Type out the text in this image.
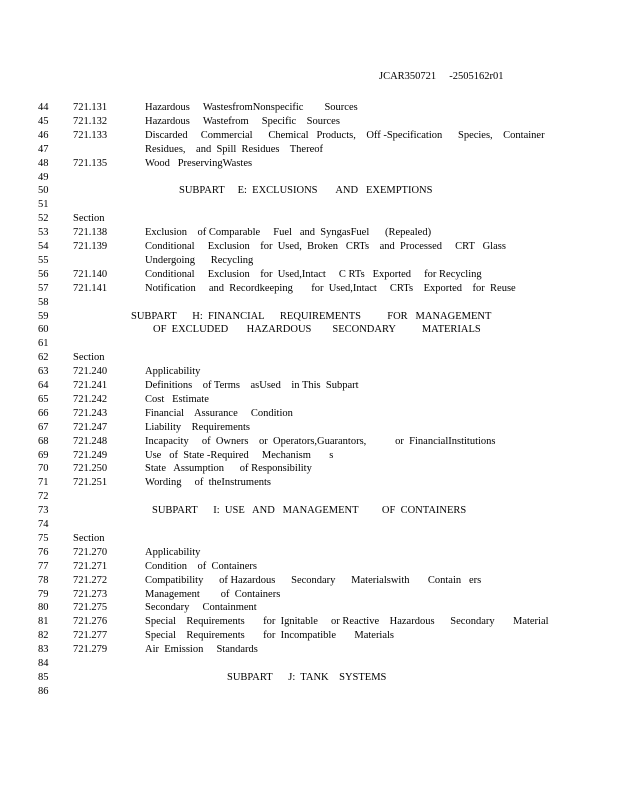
JCAR350721     -2505162r01
44 721.131	Hazardous     WastesfromNonspecific        Sources
45 721.132	Hazardous     Wastefrom     Specific    Sources
46 721.133	Discarded     Commercial      Chemical   Products,    Off -Specification      Species,    Container
47	Residues,    and  Spill  Residues    Thereof
48 721.135	Wood   PreservingWastes
49
50	SUBPART     E:  EXCLUSIONS       AND   EXEMPTIONS
51
52 Section
53 721.138	Exclusion    of Comparable     Fuel   and  SyngasFuel      (Repealed)
54 721.139	Conditional     Exclusion    for  Used,  Broken   CRTs    and  Processed     CRT   Glass
55	Undergoing      Recycling
56 721.140	Conditional     Exclusion    for  Used,Intact     C RTs   Exported     for Recycling
57 721.141	Notification     and  Recordkeeping       for  Used,Intact     CRTs    Exported    for  Reuse
58
59	SUBPART      H:  FINANCIAL      REQUIREMENTS          FOR   MANAGEMENT
60	OF  EXCLUDED       HAZARDOUS        SECONDARY          MATERIALS
61
62 Section
63 721.240	Applicability
64 721.241	Definitions    of Terms    asUsed    in This  Subpart
65 721.242	Cost   Estimate
66 721.243	Financial    Assurance     Condition
67 721.247	Liability    Requirements
68 721.248	Incapacity     of  Owners    or  Operators,Guarantors,           or  FinancialInstitutions
69 721.249	Use   of  State -Required     Mechanism       s
70 721.250	State   Assumption      of Responsibility
71 721.251	Wording     of  theInstruments
72
73	SUBPART      I:  USE   AND   MANAGEMENT         OF  CONTAINERS
74
75 Section
76 721.270	Applicability
77 721.271	Condition    of  Containers
78 721.272	Compatibility      of Hazardous      Secondary      Materialswith       Contain   ers
79 721.273	Management        of  Containers
80 721.275	Secondary     Containment
81 721.276	Special    Requirements       for  Ignitable     or Reactive    Hazardous      Secondary       Material
82 721.277	Special    Requirements       for  Incompatible       Materials
83 721.279	Air  Emission     Standards
84
85	SUBPART      J:  TANK    SYSTEMS
86
